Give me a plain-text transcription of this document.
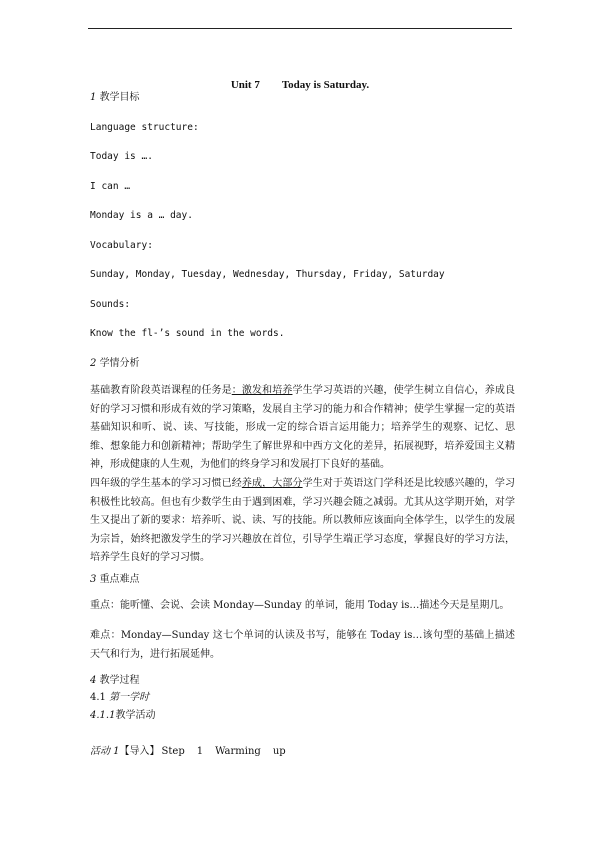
Unit 7 Today is Saturday.
1 教学目标
Language structure:
Today is ….
I can …
Monday is a … day.
Vocabulary:
Sunday, Monday, Tuesday, Wednesday, Thursday, Friday, Saturday
Sounds:
Know the fl-’s sound in the words.
2 学情分析
基础教育阶段英语课程的任务是：激发和培养学生学习英语的兴趣，使学生树立自信心，养成良好的学习习惯和形成有效的学习策略，发展自主学习的能力和合作精神；使学生掌握一定的英语基础知识和听、说、读、写技能，形成一定的综合语言运用能力；培养学生的观察、记忆、思维、想象能力和创新精神；帮助学生了解世界和中西方文化的差异，拓展视野，培养爱国主义精神，形成健康的人生观，为他们的终身学习和发展打下良好的基础。
四年级的学生基本的学习习惯已经养成，大部分学生对于英语这门学科还是比较感兴趣的，学习积极性比较高。但也有少数学生由于遇到困难，学习兴趣会随之减弱。尤其从这学期开始，对学生又提出了新的要求：培养听、说、读、写的技能。所以教师应该面向全体学生，以学生的发展为宗旨，始终把激发学生的学习兴趣放在首位，引导学生端正学习态度，掌握良好的学习方法，培养学生良好的学习习惯。
3 重点难点
重点：能听懂、会说、会读 Monday—Sunday 的单词，能用 Today is…描述今天是星期几。
难点：Monday—Sunday 这七个单词的认读及书写，能够在 Today is…该句型的基础上描述天气和行为，进行拓展延伸。
4 教学过程
4.1 第一学时
4.1.1教学活动
活动 1【导入】 Step 1 Warming up
